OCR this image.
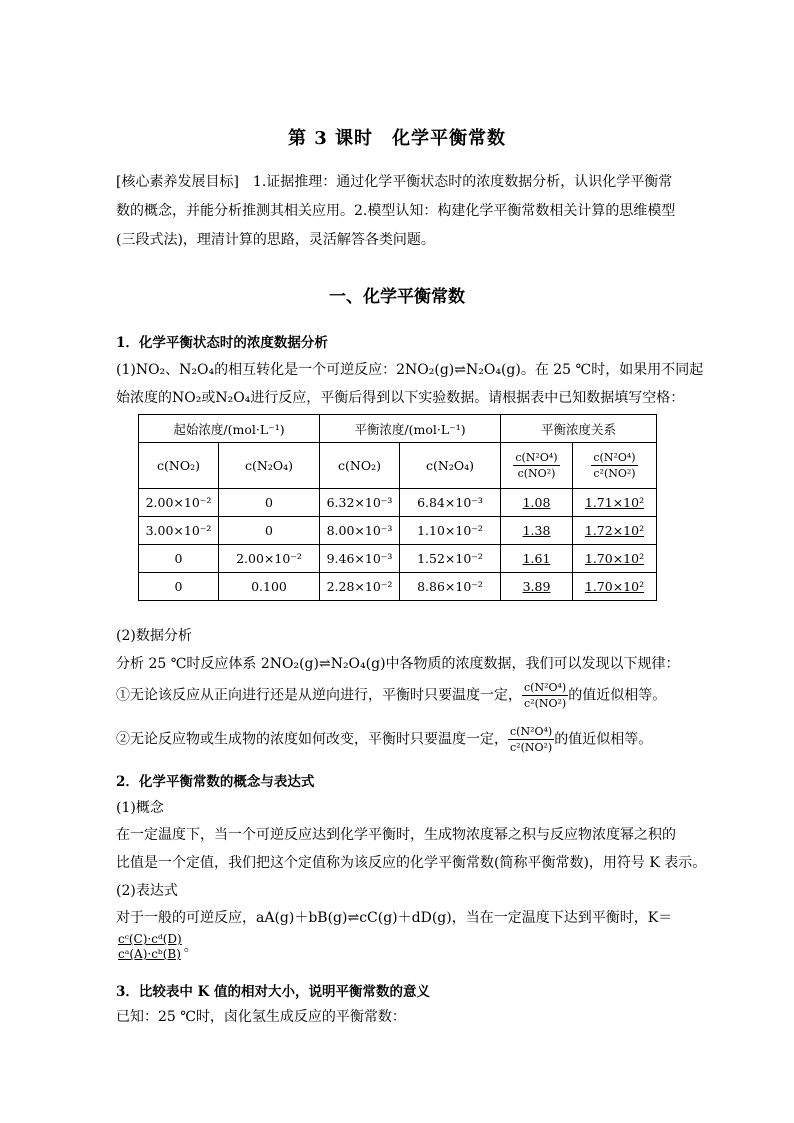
第 3 课时　化学平衡常数
[核心素养发展目标]　1.证据推理：通过化学平衡状态时的浓度数据分析，认识化学平衡常数的概念，并能分析推测其相关应用。2.模型认知：构建化学平衡常数相关计算的思维模型(三段式法)，理清计算的思路，灵活解答各类问题。
一、化学平衡常数
1．化学平衡状态时的浓度数据分析
(1)NO₂、N₂O₄的相互转化是一个可逆反应：2NO₂(g)⇌N₂O₄(g)。在 25 ℃时，如果用不同起
始浓度的NO₂或N₂O₄进行反应，平衡后得到以下实验数据。请根据表中已知数据填写空格：
起始浓度/(mol·L⁻¹)		平衡浓度/(mol·L⁻¹)		平衡浓度关系	
c(NO₂)	c(N₂O₄)	c(NO₂)	c(N₂O₄)	$\frac{\text{c(N²O⁴)}}{\text{c(NO²)}}$	$\frac{\text{c(N²O⁴)}}{\text{c²(NO²)}}$

2.00×10⁻²	0	6.32×10⁻³	6.84×10⁻³	1.08	1.71×10²
3.00×10⁻²	0	8.00×10⁻³	1.10×10⁻²	1.38	1.72×10²
0	2.00×10⁻²	9.46×10⁻³	1.52×10⁻²	1.61	1.70×10²
0	0.100	2.28×10⁻²	8.86×10⁻²	3.89	1.70×10²
(2)数据分析
分析 25 ℃时反应体系 2NO₂(g)⇌N₂O₄(g)中各物质的浓度数据，我们可以发现以下规律：
①无论该反应从正向进行还是从逆向进行，平衡时只要温度一定， $\frac{\text{c(N²O⁴)}}{\text{c²(NO²)}}$ 的值近似相等。
②无论反应物或生成物的浓度如何改变，平衡时只要温度一定， $\frac{\text{c(N²O⁴)}}{\text{c²(NO²)}}$ 的值近似相等。
2．化学平衡常数的概念与表达式
(1)概念
在一定温度下，当一个可逆反应达到化学平衡时，生成物浓度幂之积与反应物浓度幂之积的
比值是一个定值，我们把这个定值称为该反应的化学平衡常数(简称平衡常数)，用符号 K 表示。
(2)表达式
对于一般的可逆反应，aA(g)＋bB(g)⇌cC(g)＋dD(g)，当在一定温度下达到平衡时，K＝
$\frac{\text{cᶜ(C)·cᵈ(D)}}{\text{cᵃ(A)·cᵇ(B)}}$ 。
3．比较表中 K 值的相对大小，说明平衡常数的意义
已知：25 ℃时，卤化氢生成反应的平衡常数：
